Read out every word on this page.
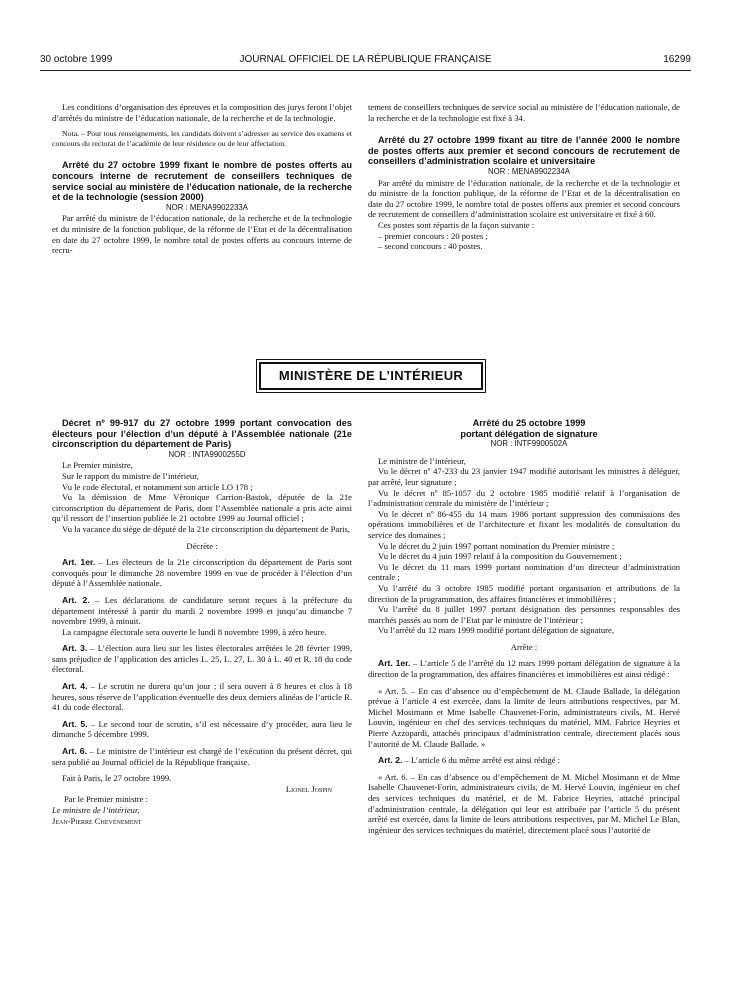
30 octobre 1999	JOURNAL OFFICIEL DE LA RÉPUBLIQUE FRANÇAISE	16299

Les conditions d’organisation des épreuves et la composition des jurys feront l’objet d’arrêtés du ministre de l’éducation nationale, de la recherche et de la technologie.

Nota. – Pour tous renseignements, les candidats doivent s’adresser au service des examens et concours du rectorat de l’académie de leur résidence ou de leur affectation.

Arrêté du 27 octobre 1999 fixant le nombre de postes offerts au concours interne de recrutement de conseillers techniques de service social au ministère de l’éducation nationale, de la recherche et de la technologie (session 2000)

NOR : MENA9902233A

Par arrêté du ministre de l’éducation nationale, de la recherche et de la technologie et du ministre de la fonction publique, de la réforme de l’Etat et de la décentralisation en date du 27 octobre 1999, le nombre total de postes offerts au concours interne de recru-

tement de conseillers techniques de service social au ministère de l’éducation nationale, de la recherche et de la technologie est fixé à 34.

Arrêté du 27 octobre 1999 fixant au titre de l’année 2000 le nombre de postes offerts aux premier et second concours de recrutement de conseillers d’administration scolaire et universitaire

NOR : MENA9902234A

Par arrêté du ministre de l’éducation nationale, de la recherche et de la technologie et du ministre de la fonction publique, de la réforme de l’Etat et de la décentralisation en date du 27 octobre 1999, le nombre total de postes offerts aux premier et second concours de recrutement de conseillers d’administration scolaire est universitaire et fixé à 60.

Ces postes sont répartis de la façon suivante :

– premier concours : 20 postes ;

– second concours : 40 postes.

MINISTÈRE DE L’INTÉRIEUR

Décret nº 99-917 du 27 octobre 1999 portant convocation des électeurs pour l’élection d’un député à l’Assemblée nationale (21e circonscription du département de Paris)

NOR : INTA9900255D

Le Premier ministre,

Sur le rapport du ministre de l’intérieur,

Vu le code électoral, et notamment son article LO 178 ;

Vu la démission de Mme Véronique Carrion-Bastok, députée de la 21e circonscription du département de Paris, dont l’Assemblée nationale a pris acte ainsi qu’il ressort de l’insertion publiée le 21 octobre 1999 au Journal officiel ;

Vu la vacance du siège de député de la 21e circonscription du département de Paris,

Décrète :

Art. 1er. – Les électeurs de la 21e circonscription du département de Paris sont convoqués pour le dimanche 28 novembre 1999 en vue de procéder à l’élection d’un député à l’Assemblée nationale.

Art. 2. – Les déclarations de candidature seront reçues à la préfecture du département intéressé à partir du mardi 2 novembre 1999 et jusqu’au dimanche 7 novembre 1999, à minuit.

La campagne électorale sera ouverte le lundi 8 novembre 1999, à zéro heure.

Art. 3. – L’élection aura lieu sur les listes électorales arrêtées le 28 février 1999, sans préjudice de l’application des articles L. 25, L. 27, L. 30 à L. 40 et R. 18 du code électoral.

Art. 4. – Le scrutin ne durera qu’un jour ; il sera ouvert à 8 heures et clos à 18 heures, sous réserve de l’application éventuelle des deux derniers alinéas de l’article R. 41 du code électoral.

Art. 5. – Le second tour de scrutin, s’il est nécessaire d’y procéder, aura lieu le dimanche 5 décembre 1999.

Art. 6. – Le ministre de l’intérieur est chargé de l’exécution du présent décret, qui sera publié au Journal officiel de la République française.

Fait à Paris, le 27 octobre 1999.

Lionel Jospin

Par le Premier ministre :

Le ministre de l’intérieur,

Jean-Pierre Chevènement

Arrêté du 25 octobre 1999

portant délégation de signature

NOR : INTF9900502A

Le ministre de l’intérieur,

Vu le décret nº 47-233 du 23 janvier 1947 modifié autorisant les ministres à déléguer, par arrêté, leur signature ;

Vu le décret nº 85-1057 du 2 octobre 1985 modifié relatif à l’organisation de l’administration centrale du ministère de l’intérieur ;

Vu le décret nº 86-455 du 14 mars 1986 portant suppression des commissions des opérations immobilières et de l’architecture et fixant les modalités de consultation du service des domaines ;

Vu le décret du 2 juin 1997 portant nomination du Premier ministre ;

Vu le décret du 4 juin 1997 relatif à la composition du Gouvernement ;

Vu le décret du 11 mars 1999 portant nomination d’un directeur d’administration centrale ;

Vu l’arrêté du 3 octobre 1985 modifié portant organisation et attributions de la direction de la programmation, des affaires financières et immobilières ;

Vu l’arrêté du 8 juillet 1997 portant désignation des personnes responsables des marchés passés au nom de l’Etat par le ministre de l’intérieur ;

Vu l’arrêté du 12 mars 1999 modifié portant délégation de signature,

Arrête :

Art. 1er. – L’article 5 de l’arrêté du 12 mars 1999 portant délégation de signature à la direction de la programmation, des affaires financières et immobilières est ainsi rédigé :

« Art. 5. – En cas d’absence ou d’empêchement de M. Claude Ballade, la délégation prévue à l’article 4 est exercée, dans la limite de leurs attributions respectives, par M. Michel Mosimann et Mme Isabelle Chauvenet-Forin, administrateurs civils, M. Hervé Louvin, ingénieur en chef des services techniques du matériel, MM. Fabrice Heyries et Pierre Azzopardi, attachés principaux d’administration centrale, directement placés sous l’autorité de M. Claude Ballade. »

Art. 2. – L’article 6 du même arrêté est ainsi rédigé :

« Art. 6. – En cas d’absence ou d’empêchement de M. Michel Mosimann et de Mme Isabelle Chauvenet-Forin, administrateurs civils, de M. Hervé Louvin, ingénieur en chef des services techniques du matériel, et de M. Fabrice Heyries, attaché principal d’administration centrale, la délégation qui leur est attribuée par l’article 5 du présent arrêté est exercée, dans la limite de leurs attributions respectives, par M. Michel Le Blan, ingénieur des services techniques du matériel, directement placé sous l’autorité de
